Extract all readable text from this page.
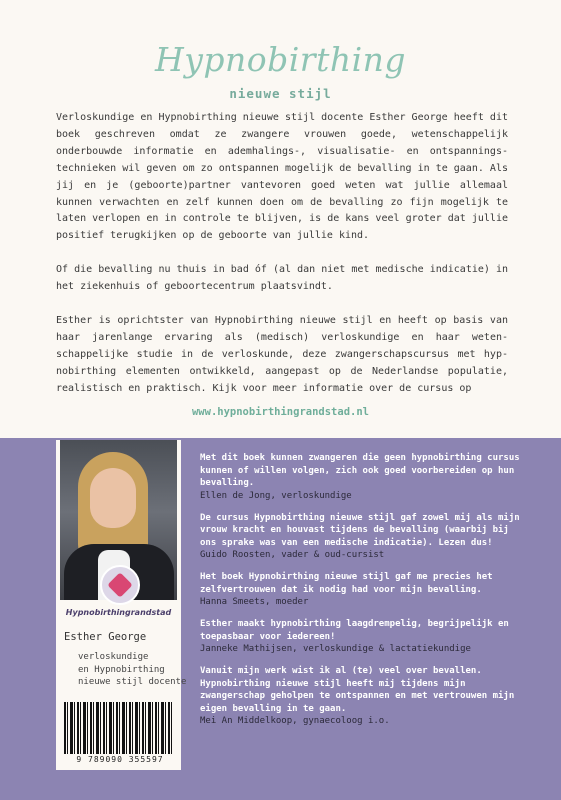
Hypnobirthing
nieuwe stijl

Verloskundige en Hypnobirthing nieuwe stijl docente Esther George heeft dit boek geschreven omdat ze zwangere vrouwen goede, wetenschappelijk onderbouwde informatie en ademhalings-, visualisatie- en ontspannings-technieken wil geven om zo ontspannen mogelijk de bevalling in te gaan. Als jij en je (geboorte)partner vantevoren goed weten wat jullie allemaal kunnen verwachten en zelf kunnen doen om de bevalling zo fijn mogelijk te laten verlopen en in controle te blijven, is de kans veel groter dat jullie positief terugkijken op de geboorte van jullie kind.

Of die bevalling nu thuis in bad óf (al dan niet met medische indicatie) in het ziekenhuis of geboortecentrum plaatsvindt.

Esther is oprichtster van Hypnobirthing nieuwe stijl en heeft op basis van haar jarenlange ervaring als (medisch) verloskundige en haar weten-schappelijke studie in de verloskunde, deze zwangerschapscursus met hyp-nobirthing elementen ontwikkeld, aangepast op de Nederlandse populatie, realistisch en praktisch. Kijk voor meer informatie over de cursus op

www.hypnobirthingrandstad.nl
Hypnobirthingrandstad
Esther George
verloskundige
en Hypnobirthing
nieuwe stijl docente
9 789090 355597
Met dit boek kunnen zwangeren die geen hypnobirthing cursus kunnen of willen volgen, zich ook goed voorbereiden op hun bevalling.
Ellen de Jong, verloskundige
De cursus Hypnobirthing nieuwe stijl gaf zowel mij als mijn vrouw kracht en houvast tijdens de bevalling (waarbij bij ons sprake was van een medische indicatie). Lezen dus!
Guido Roosten, vader & oud-cursist
Het boek Hypnobirthing nieuwe stijl gaf me precies het zelfvertrouwen dat ik nodig had voor mijn bevalling.
Hanna Smeets, moeder
Esther maakt hypnobirthing laagdrempelig, begrijpelijk en toepasbaar voor iedereen!
Janneke Mathijsen, verloskundige & lactatiekundige
Vanuit mijn werk wist ik al (te) veel over bevallen. Hypnobirthing nieuwe stijl heeft mij tijdens mijn zwangerschap geholpen te ontspannen en met vertrouwen mijn eigen bevalling in te gaan.
Mei An Middelkoop, gynaecoloog i.o.
